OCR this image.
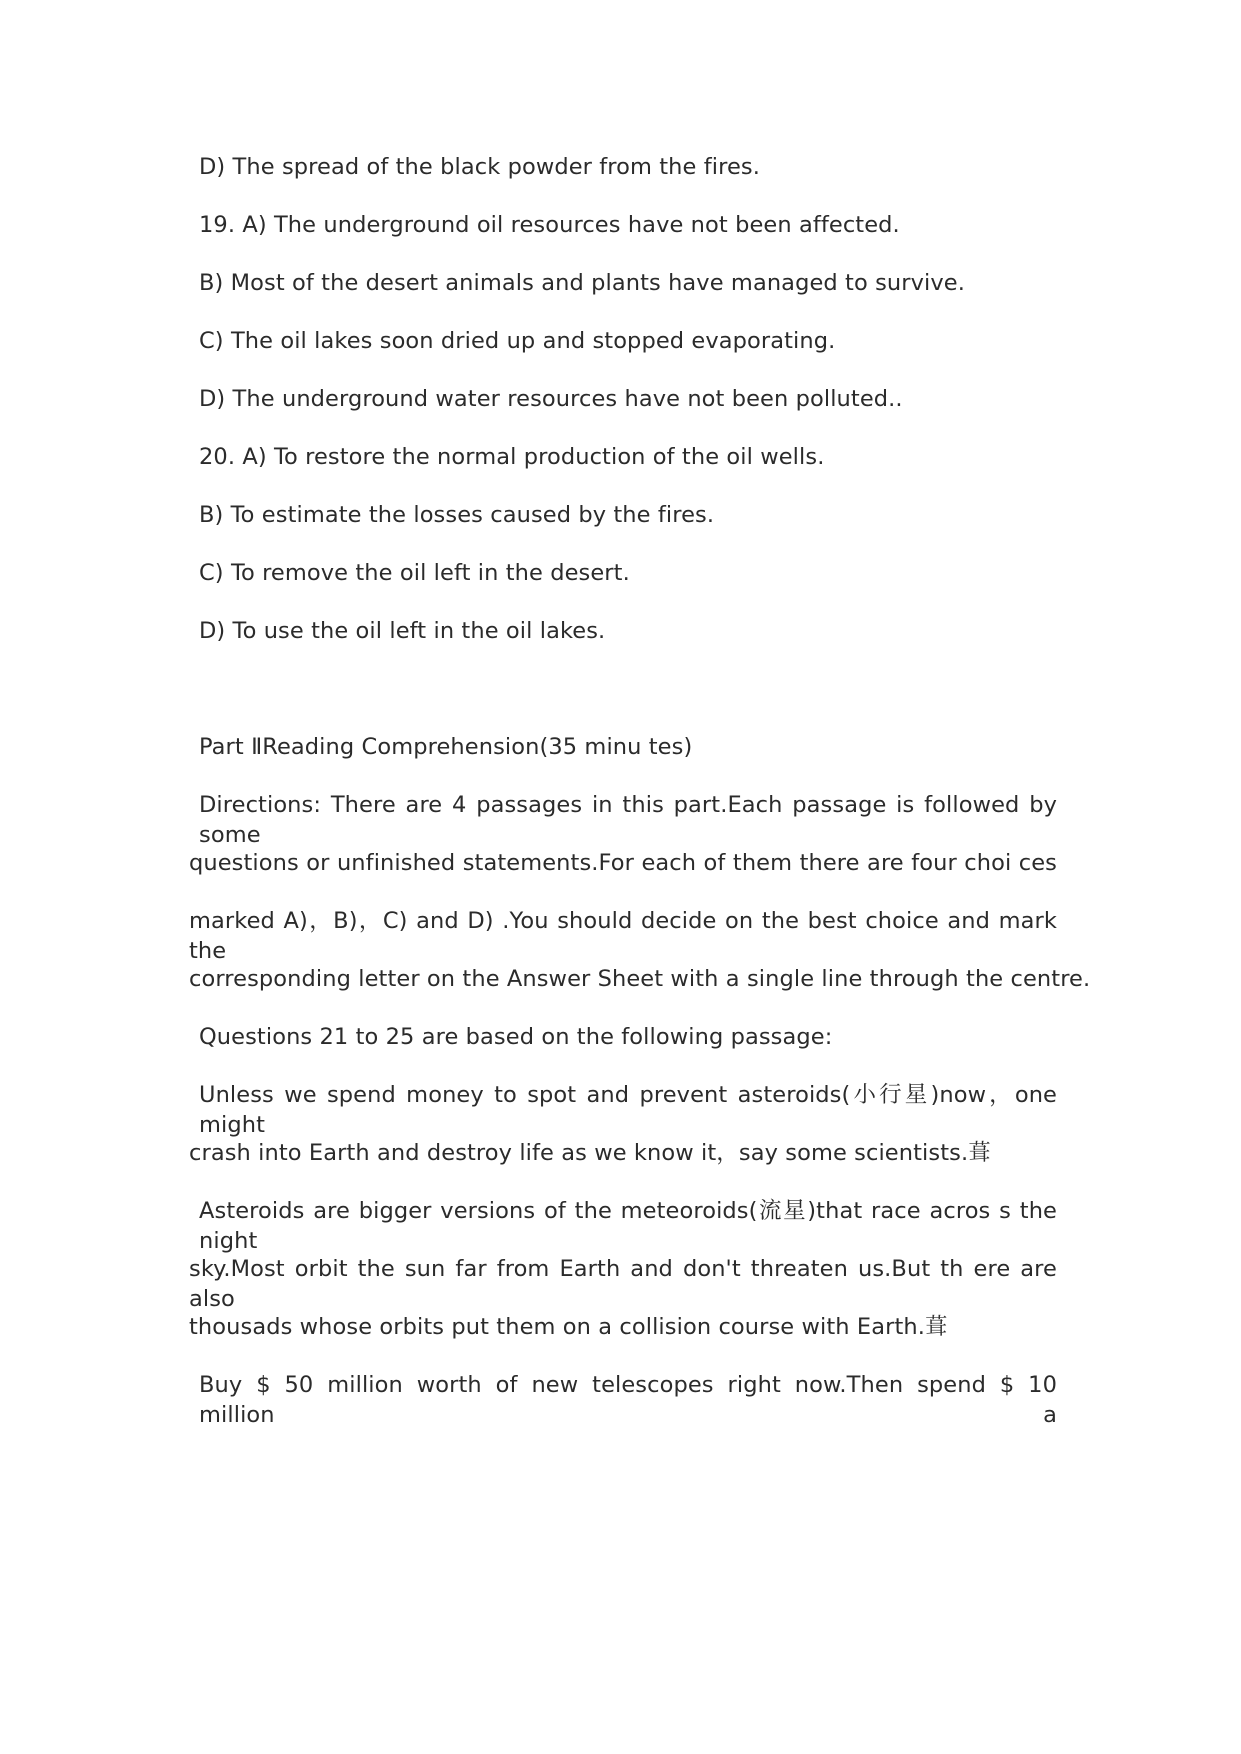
D) The spread of the black powder from the fires.
19. A) The underground oil resources have not been affected.
B) Most of the desert animals and plants have managed to survive.
C) The oil lakes soon dried up and stopped evaporating.
D) The underground water resources have not been polluted..
20. A) To restore the normal production of the oil wells.
B) To estimate the losses caused by the fires.
C) To remove the oil left in the desert.
D) To use the oil left in the oil lakes.
Part ⅡReading Comprehension(35 minu tes)
Directions: There are 4 passages in this part.Each passage is followed by some
questions or unfinished statements.For each of them there are four choi ces
marked A)，B)，C) and D) .You should decide on the best choice and mark the
corresponding letter on the Answer Sheet with a single line through the centre.
Questions 21 to 25 are based on the following passage:
Unless we spend money to spot and prevent asteroids(小行星)now，one might
crash into Earth and destroy life as we know it，say some scientists.葺
Asteroids are bigger versions of the meteoroids(流星)that race acros s the night
sky.Most orbit the sun far from Earth and don't threaten us.But th ere are also
thousads whose orbits put them on a collision course with Earth.葺
Buy $ 50 million worth of new telescopes right now.Then spend $ 10 million a
